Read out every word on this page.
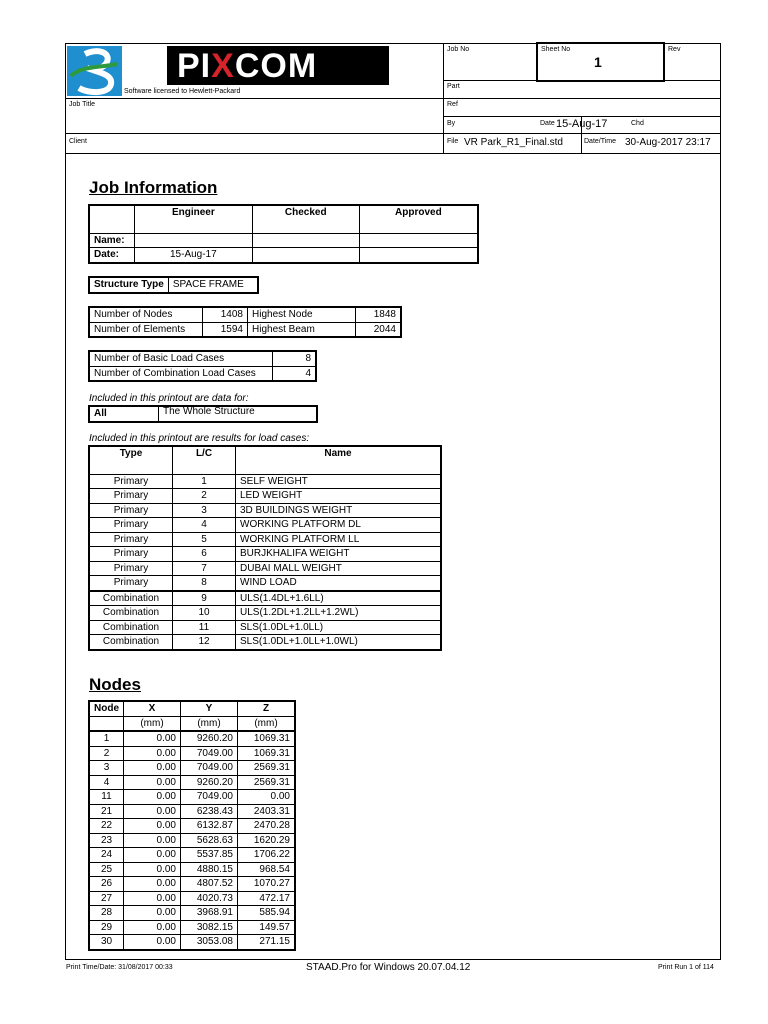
PIXCOM
Software licensed to Hewlett-Packard
Job No	Sheet No
1
Rev
Part
Job Title	Ref
By	Date 15-Aug-17	Chd
Client	File VR Park_R1_Final.std	Date/Time 30-Aug-2017 23:17
Job Information
	Engineer	Checked	Approved
Name:			
Date:	15-Aug-17		
Structure Type	SPACE FRAME
Number of Nodes	1408	Highest Node	1848
Number of Elements	1594	Highest Beam	2044
Number of Basic Load Cases	8
Number of Combination Load Cases	4
Included in this printout are data for:
All	The Whole Structure
Included in this printout are results for load cases:
Type	L/C	Name
Primary	1	SELF WEIGHT
Primary	2	LED WEIGHT
Primary	3	3D BUILDINGS WEIGHT
Primary	4	WORKING PLATFORM DL
Primary	5	WORKING PLATFORM LL
Primary	6	BURJKHALIFA WEIGHT
Primary	7	DUBAI MALL WEIGHT
Primary	8	WIND LOAD
Combination	9	ULS(1.4DL+1.6LL)
Combination	10	ULS(1.2DL+1.2LL+1.2WL)
Combination	11	SLS(1.0DL+1.0LL)
Combination	12	SLS(1.0DL+1.0LL+1.0WL)
Nodes
Node	X	Y	Z
	(mm)	(mm)	(mm)
1	0.00	9260.20	1069.31
2	0.00	7049.00	1069.31
3	0.00	7049.00	2569.31
4	0.00	9260.20	2569.31
11	0.00	7049.00	0.00
21	0.00	6238.43	2403.31
22	0.00	6132.87	2470.28
23	0.00	5628.63	1620.29
24	0.00	5537.85	1706.22
25	0.00	4880.15	968.54
26	0.00	4807.52	1070.27
27	0.00	4020.73	472.17
28	0.00	3968.91	585.94
29	0.00	3082.15	149.57
30	0.00	3053.08	271.15
Print Time/Date: 31/08/2017 00:33	STAAD.Pro for Windows 20.07.04.12	Print Run 1 of 114
